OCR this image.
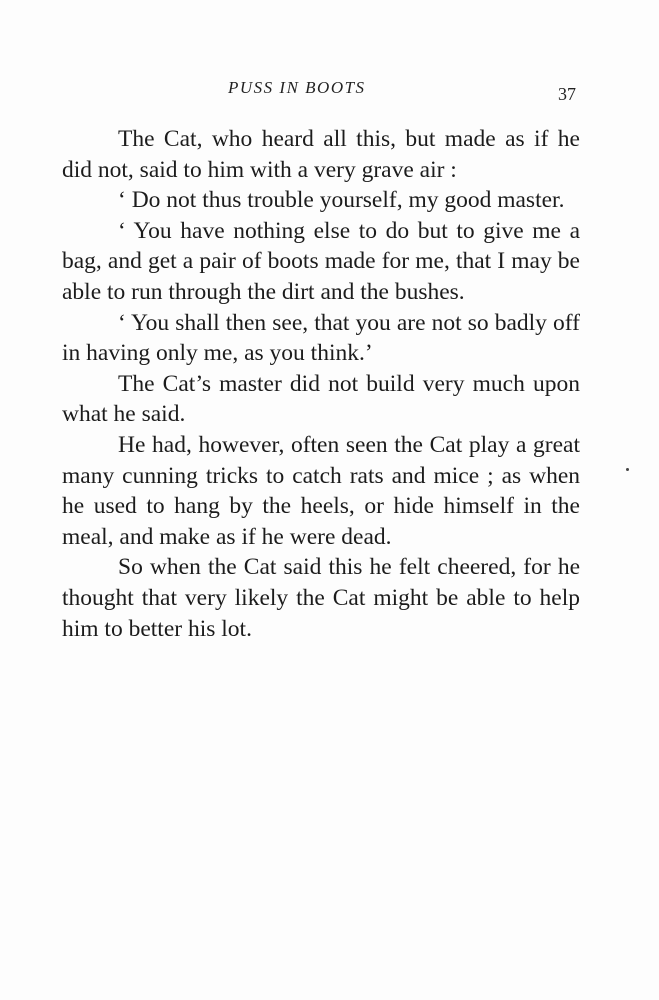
PUSS IN BOOTS	37

The Cat, who heard all this, but made as if he did not, said to him with a very grave air :

‘ Do not thus trouble yourself, my good master.

‘ You have nothing else to do but to give me a bag, and get a pair of boots made for me, that I may be able to run through the dirt and the bushes.

‘ You shall then see, that you are not so badly off in having only me, as you think.’

The Cat’s master did not build very much upon what he said.

He had, however, often seen the Cat play a great many cunning tricks to catch rats and mice ; as when he used to hang by the heels, or hide himself in the meal, and make as if he were dead.

So when the Cat said this he felt cheered, for he thought that very likely the Cat might be able to help him to better his lot.
